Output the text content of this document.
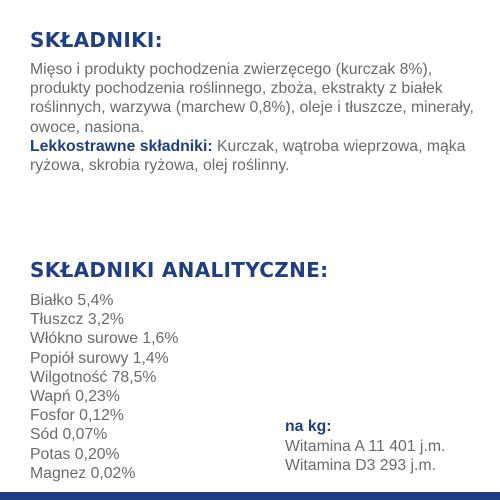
SKŁADNIKI:

Mięso i produkty pochodzenia zwierzęcego (kurczak 8%), produkty pochodzenia roślinnego, zboża, ekstrakty z białek roślinnych, warzywa (marchew 0,8%), oleje i tłuszcze, minerały, owoce, nasiona.
Lekkostrawne składniki: Kurczak, wątroba wieprzowa, mąka ryżowa, skrobia ryżowa, olej roślinny.

SKŁADNIKI ANALITYCZNE:
Białko 5,4%
Tłuszcz 3,2%
Włókno surowe 1,6%
Popiół surowy 1,4%
Wilgotność 78,5%
Wapń 0,23%
Fosfor 0,12%
Sód 0,07%
Potas 0,20%
Magnez 0,02%

na kg:

Witamina A 11 401 j.m.
Witamina D3 293 j.m.
